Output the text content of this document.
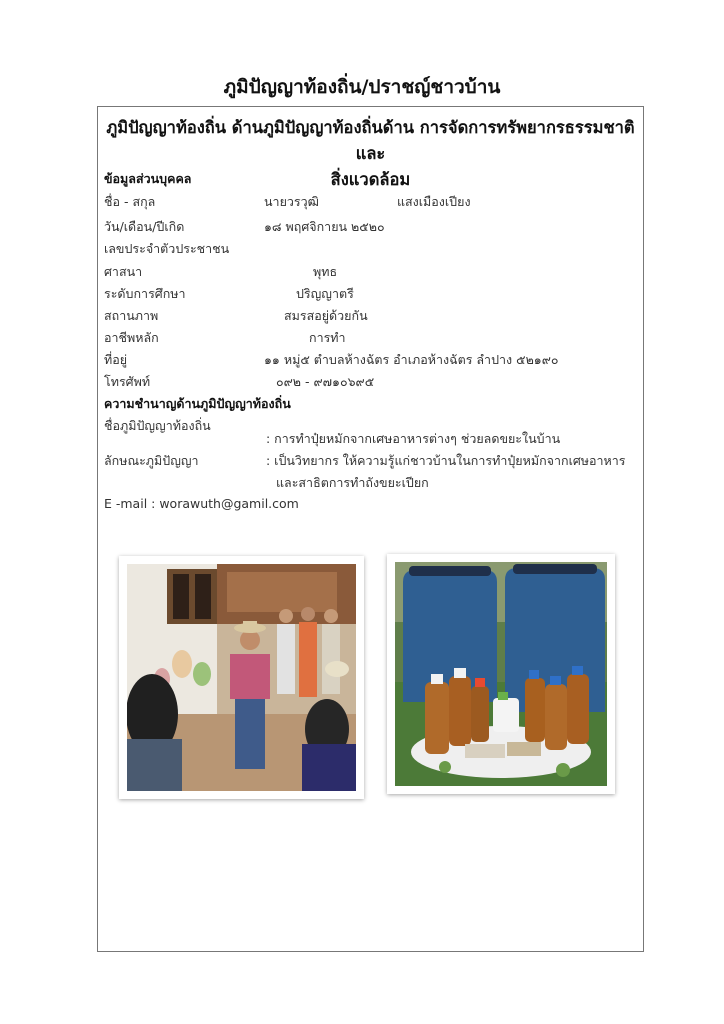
ภูมิปัญญาท้องถิ่น/ปราชญ์ชาวบ้าน
ภูมิปัญญาท้องถิ่น ด้านภูมิปัญญาท้องถิ่นด้าน การจัดการทรัพยากรธรรมชาติและ
สิ่งแวดล้อม
ข้อมูลส่วนบุคคล
ชื่อ - สกุล	นายวรวุฒิ	แสงเมืองเปียง
วัน/เดือน/ปีเกิด	๑๘ พฤศจิกายน ๒๕๒๐
เลขประจำตัวประชาชน
ศาสนา	พุทธ
ระดับการศึกษา	ปริญญาตรี
สถานภาพ	สมรสอยู่ด้วยกัน
อาชีพหลัก	การทำ
ที่อยู่	๑๑ หมู่๕ ตำบลห้างฉัตร อำเภอห้างฉัตร ลำปาง ๕๒๑๙๐
โทรศัพท์	๐๙๒ - ๙๗๑๐๖๙๕
ความชำนาญด้านภูมิปัญญาท้องถิ่น
ชื่อภูมิปัญญาท้องถิ่น
: การทำปุ๋ยหมักจากเศษอาหารต่างๆ ช่วยลดขยะในบ้าน
ลักษณะภูมิปัญญา	: เป็นวิทยากร ให้ความรู้แก่ชาวบ้านในการทำปุ๋ยหมักจากเศษอาหาร
และสาธิตการทำถังขยะเปียก
E -mail : worawuth@gamil.com
